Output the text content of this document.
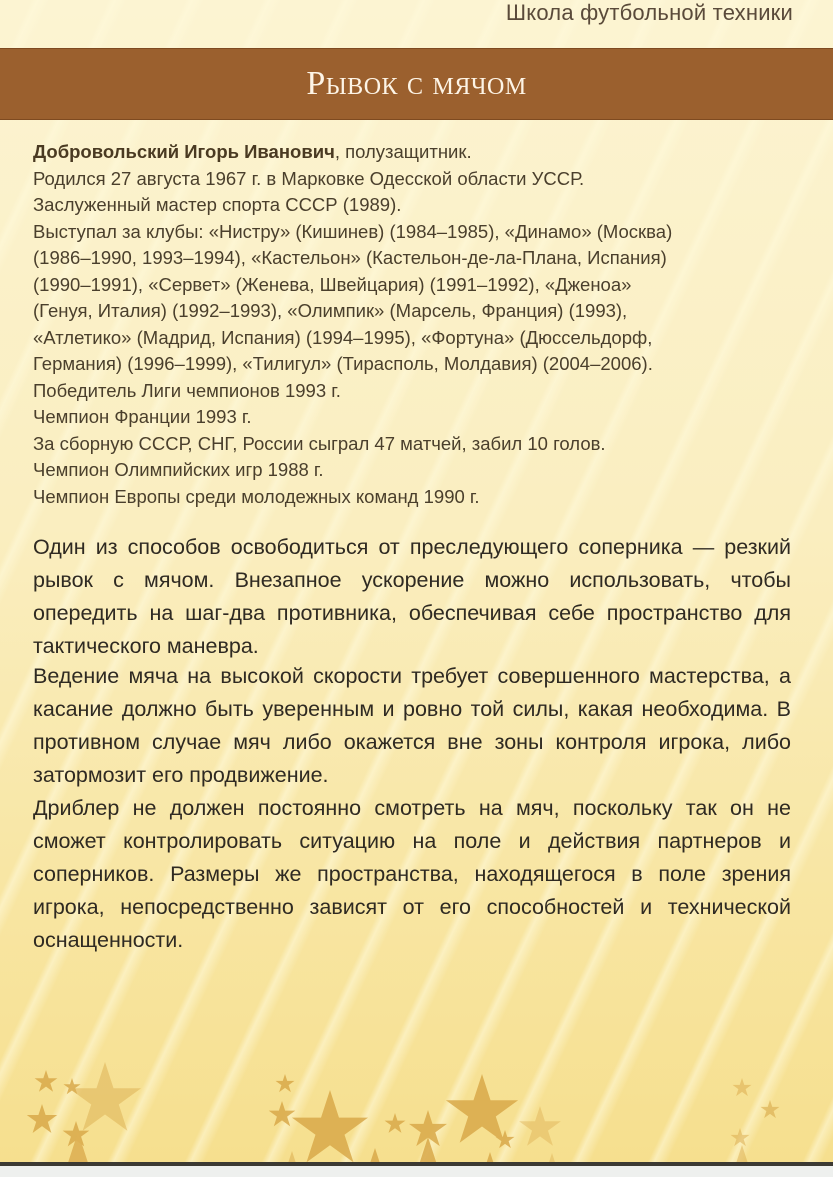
Школа футбольной техники
Рывок с мячом
Добровольский Игорь Иванович, полузащитник.
Родился 27 августа 1967 г. в Марковке Одесской области УССР.
Заслуженный мастер спорта СССР (1989).
Выступал за клубы: «Нистру» (Кишинев) (1984–1985), «Динамо» (Москва)
(1986–1990, 1993–1994), «Кастельон» (Кастельон-де-ла-Плана, Испания)
(1990–1991), «Сервет» (Женева, Швейцария) (1991–1992), «Дженоа»
(Генуя, Италия) (1992–1993), «Олимпик» (Марсель, Франция) (1993),
«Атлетико» (Мадрид, Испания) (1994–1995), «Фортуна» (Дюссельдорф,
Германия) (1996–1999), «Тилигул» (Тирасполь, Молдавия) (2004–2006).
Победитель Лиги чемпионов 1993 г.
Чемпион Франции 1993 г.
За сборную СССР, СНГ, России сыграл 47 матчей, забил 10 голов.
Чемпион Олимпийских игр 1988 г.
Чемпион Европы среди молодежных команд 1990 г.

Один из способов освободиться от преследующего соперника — резкий рывок с мячом. Внезапное ускорение можно использовать, чтобы опередить на шаг-два противника, обеспечивая себе пространство для тактического маневра.

Ведение мяча на высокой скорости требует совершенного мастерства, а касание должно быть уверенным и ровно той силы, какая необходима. В противном случае мяч либо окажется вне зоны контроля игрока, либо затормозит его продвижение.

Дриблер не должен постоянно смотреть на мяч, поскольку так он не сможет контролировать ситуацию на поле и действия партнеров и соперников. Размеры же пространства, находящегося в поле зрения игрока, непосредственно зависят от его способностей и технической оснащенности.
